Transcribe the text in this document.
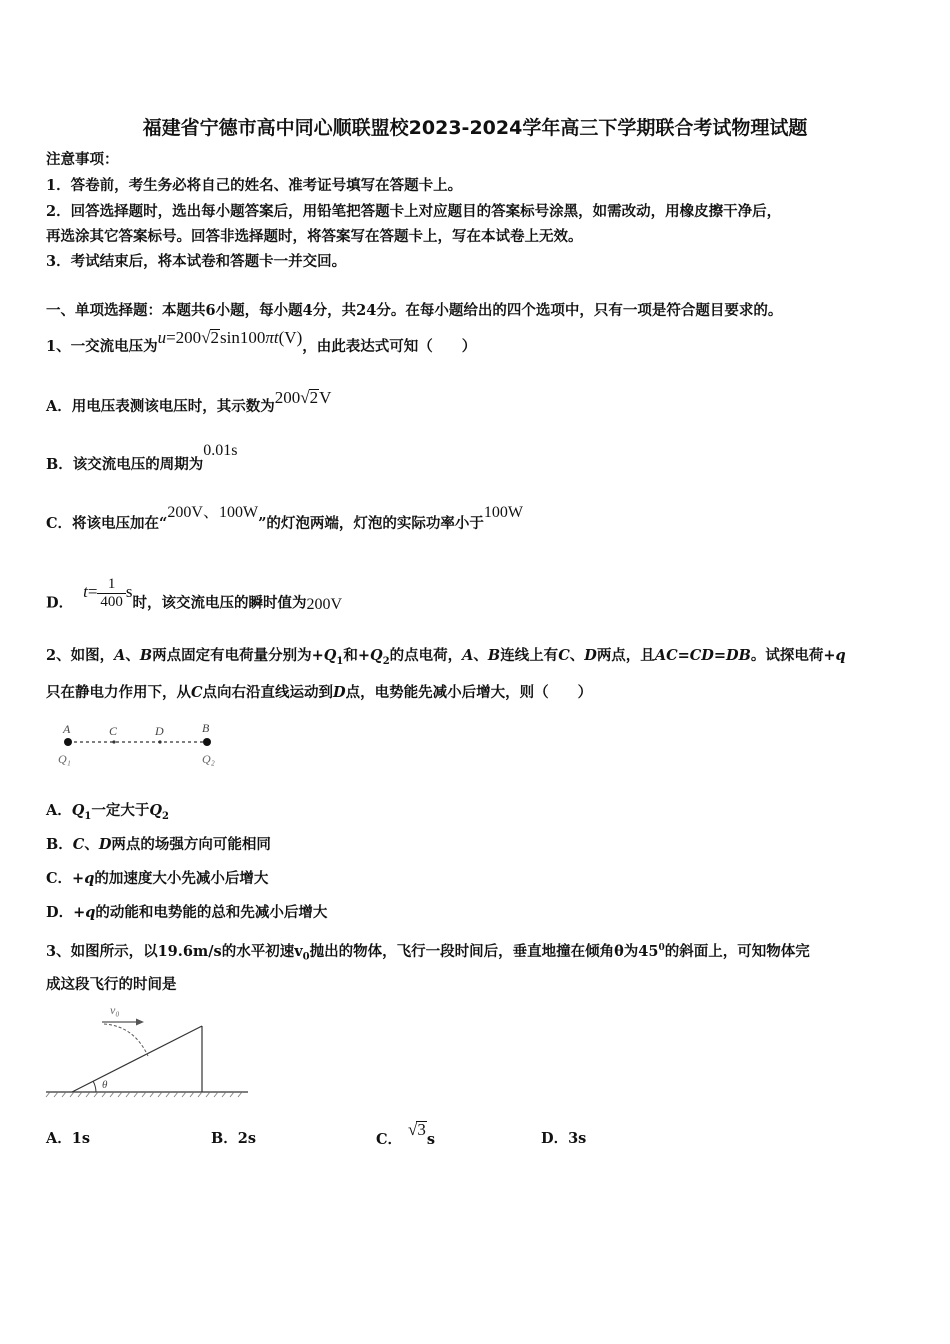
福建省宁德市高中同心顺联盟校2023-2024学年高三下学期联合考试物理试题
注意事项：
1．答卷前，考生务必将自己的姓名、准考证号填写在答题卡上。
2．回答选择题时，选出每小题答案后，用铅笔把答题卡上对应题目的答案标号涂黑，如需改动，用橡皮擦干净后，
再选涂其它答案标号。回答非选择题时，将答案写在答题卡上，写在本试卷上无效。
3．考试结束后，将本试卷和答题卡一并交回。
一、单项选择题：本题共6小题，每小题4分，共24分。在每小题给出的四个选项中，只有一项是符合题目要求的。
1、一交流电压为u=200√2sin100πt(V)，由此表达式可知（　　）
A．用电压表测该电压时，其示数为200√2V
B．该交流电压的周期为0.01s
C．将该电压加在“200V、100W”的灯泡两端，灯泡的实际功率小于100W
D．$t= \frac{1}{400}$ s时，该交流电压的瞬时值为200V
2、如图，A、B两点固定有电荷量分别为$+Q_1$和$+Q_2$的点电荷，A、B连线上有C、D两点，且AC=CD=DB。试探电荷+q
只在静电力作用下，从C点向右沿直线运动到D点，电势能先减小后增大，则（　　）
A	C	D	B
Q₁	Q₂
A．$Q_1$一定大于$Q_2$
B．C、D两点的场强方向可能相同
C．+q的加速度大小先减小后增大
D．+q的动能和电势能的总和先减小后增大
3、如图所示，以19.6m/s的水平初速$v_0$抛出的物体，飞行一段时间后，垂直地撞在倾角θ为$45^0$的斜面上，可知物体完
成这段飞行的时间是
θ
v₀
A．1s	B．2s	C．√3s	D．3s
